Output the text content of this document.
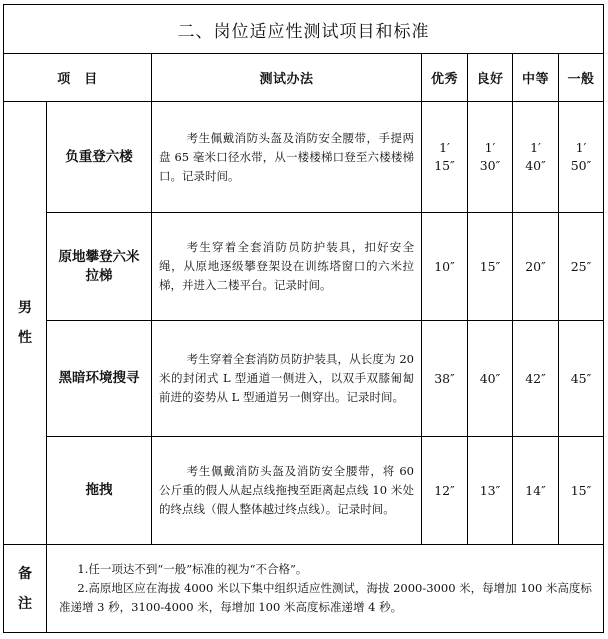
二、岗位适应性测试项目和标准
项　目	测试办法	优秀 良好 中等 一般
男
性
负重登六楼
考生佩戴消防头盔及消防安全腰带，手提两盘 65 毫米口径水带，从一楼楼梯口登至六楼楼梯口。记录时间。
1′
15″
1′
30″
1′
40″
1′
50″
原地攀登六米拉梯
考生穿着全套消防员防护装具，扣好安全绳，从原地逐级攀登架设在训练塔窗口的六米拉梯，并进入二楼平台。记录时间。
10″ 15″ 20″ 25″
黑暗环境搜寻
考生穿着全套消防员防护装具，从长度为 20 米的封闭式 L 型通道一侧进入，以双手双膝匍匐前进的姿势从 L 型通道另一侧穿出。记录时间。
38″ 40″ 42″ 45″
拖拽
考生佩戴消防头盔及消防安全腰带，将 60 公斤重的假人从起点线拖拽至距离起点线 10 米处的终点线（假人整体越过终点线）。记录时间。
12″ 13″ 14″ 15″
备
注

1.任一项达不到“一般”标准的视为“不合格”。

2.高原地区应在海拔 4000 米以下集中组织适应性测试，海拔 2000-3000 米，每增加 100 米高度标准递增 3 秒，3100-4000 米，每增加 100 米高度标准递增 4 秒。
